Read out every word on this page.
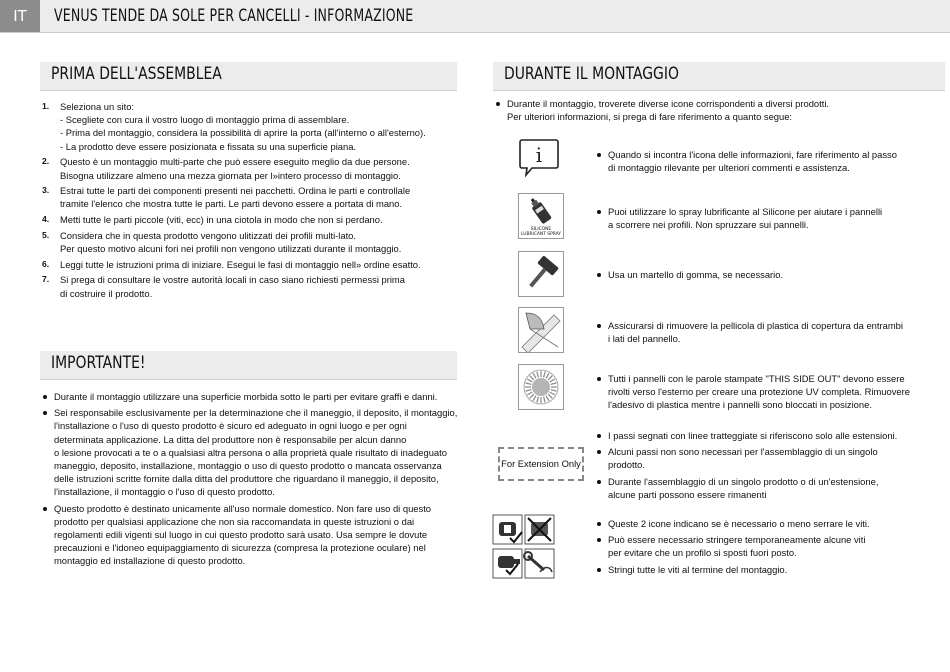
IT	VENUS TENDE DA SOLE PER CANCELLI - INFORMAZIONE
PRIMA DELL'ASSEMBLEA
1. Seleziona un sito:
- Scegliete con cura il vostro luogo di montaggio prima di assemblare.
- Prima del montaggio, considera la possibilità di aprire la porta (all'interno o all'esterno).
- La prodotto deve essere posizionata e fissata su una superficie piana.
2. Questo è un montaggio multi-parte che può essere eseguito meglio da due persone.
Bisogna utilizzare almeno una mezza giornata per l»intero processo di montaggio.
3. Estrai tutte le parti dei componenti presenti nei pacchetti. Ordina le parti e controllale
tramite l'elenco che mostra tutte le parti. Le parti devono essere a portata di mano.
4. Metti tutte le parti piccole (viti, ecc) in una ciotola in modo che non si perdano.
5. Considera che in questa prodotto vengono ulitizzati dei profili multi-lato.
Per questo motivo alcuni fori nei profili non vengono utilizzati durante il montaggio.
6. Leggi tutte le istruzioni prima di iniziare. Esegui le fasi di montaggio nell» ordine esatto.
7. Si prega di consultare le vostre autorità locali in caso siano richiesti permessi prima
di costruire il prodotto.
IMPORTANTE!
Durante il montaggio utilizzare una superficie morbida sotto le parti per evitare graffi e danni.
Sei responsabile esclusivamente per la determinazione che il maneggio, il deposito, il montaggio,
l'installazione o l'uso di questo prodotto è sicuro ed adeguato in ogni luogo e per ogni
determinata applicazione. La ditta del produttore non è responsabile per alcun danno
o lesione provocati a te o a qualsiasi altra persona o alla proprietà quale risultato di inadeguato
maneggio, deposito, installazione, montaggio o uso di questo prodotto o mancata osservanza
delle istruzioni scritte fornite dalla ditta del produttore che riguardano il maneggio, il deposito,
l'installazione, il montaggio o l'uso di questo prodotto.
Questo prodotto è destinato unicamente all'uso normale domestico. Non fare uso di questo
prodotto per qualsiasi applicazione che non sia raccomandata in queste istruzioni o dai
regolamenti edili vigenti sul luogo in cui questo prodotto sarà usato. Usa sempre le dovute
precauzioni e l'idoneo equipaggiamento di sicurezza (compresa la protezione oculare) nel
montaggio ed installazione di questo prodotto.
DURANTE IL MONTAGGIO
Durante il montaggio, troverete diverse icone corrispondenti a diversi prodotti.
Per ulteriori informazioni, si prega di fare riferimento a quanto segue:
i	Quando si incontra l'icona delle informazioni, fare riferimento al passo
di montaggio rilevante per ulteriori commenti e assistenza.
SILICONE
LUBRICANT SPRAY
Puoi utilizzare lo spray lubrificante al Silicone per aiutare i pannelli
a scorrere nei profili. Non spruzzare sui pannelli.
Usa un martello di gomma, se necessario.
Assicurarsi di rimuovere la pellicola di plastica di copertura da entrambi
i lati del pannello.
Tutti i pannelli con le parole stampate "THIS SIDE OUT" devono essere
rivolti verso l'esterno per creare una protezione UV completa. Rimuovere
l'adesivo di plastica mentre i pannelli sono bloccati in posizione.
For Extension Only
I passi segnati con linee tratteggiate si riferiscono solo alle estensioni.
Alcuni passi non sono necessari per l'assemblaggio di un singolo
prodotto.
Durante l'assemblaggio di un singolo prodotto o di un'estensione,
alcune parti possono essere rimanenti
Queste 2 icone indicano se è necessario o meno serrare le viti.
Può essere necessario stringere temporaneamente alcune viti
per evitare che un profilo si sposti fuori posto.
Stringi tutte le viti al termine del montaggio.
